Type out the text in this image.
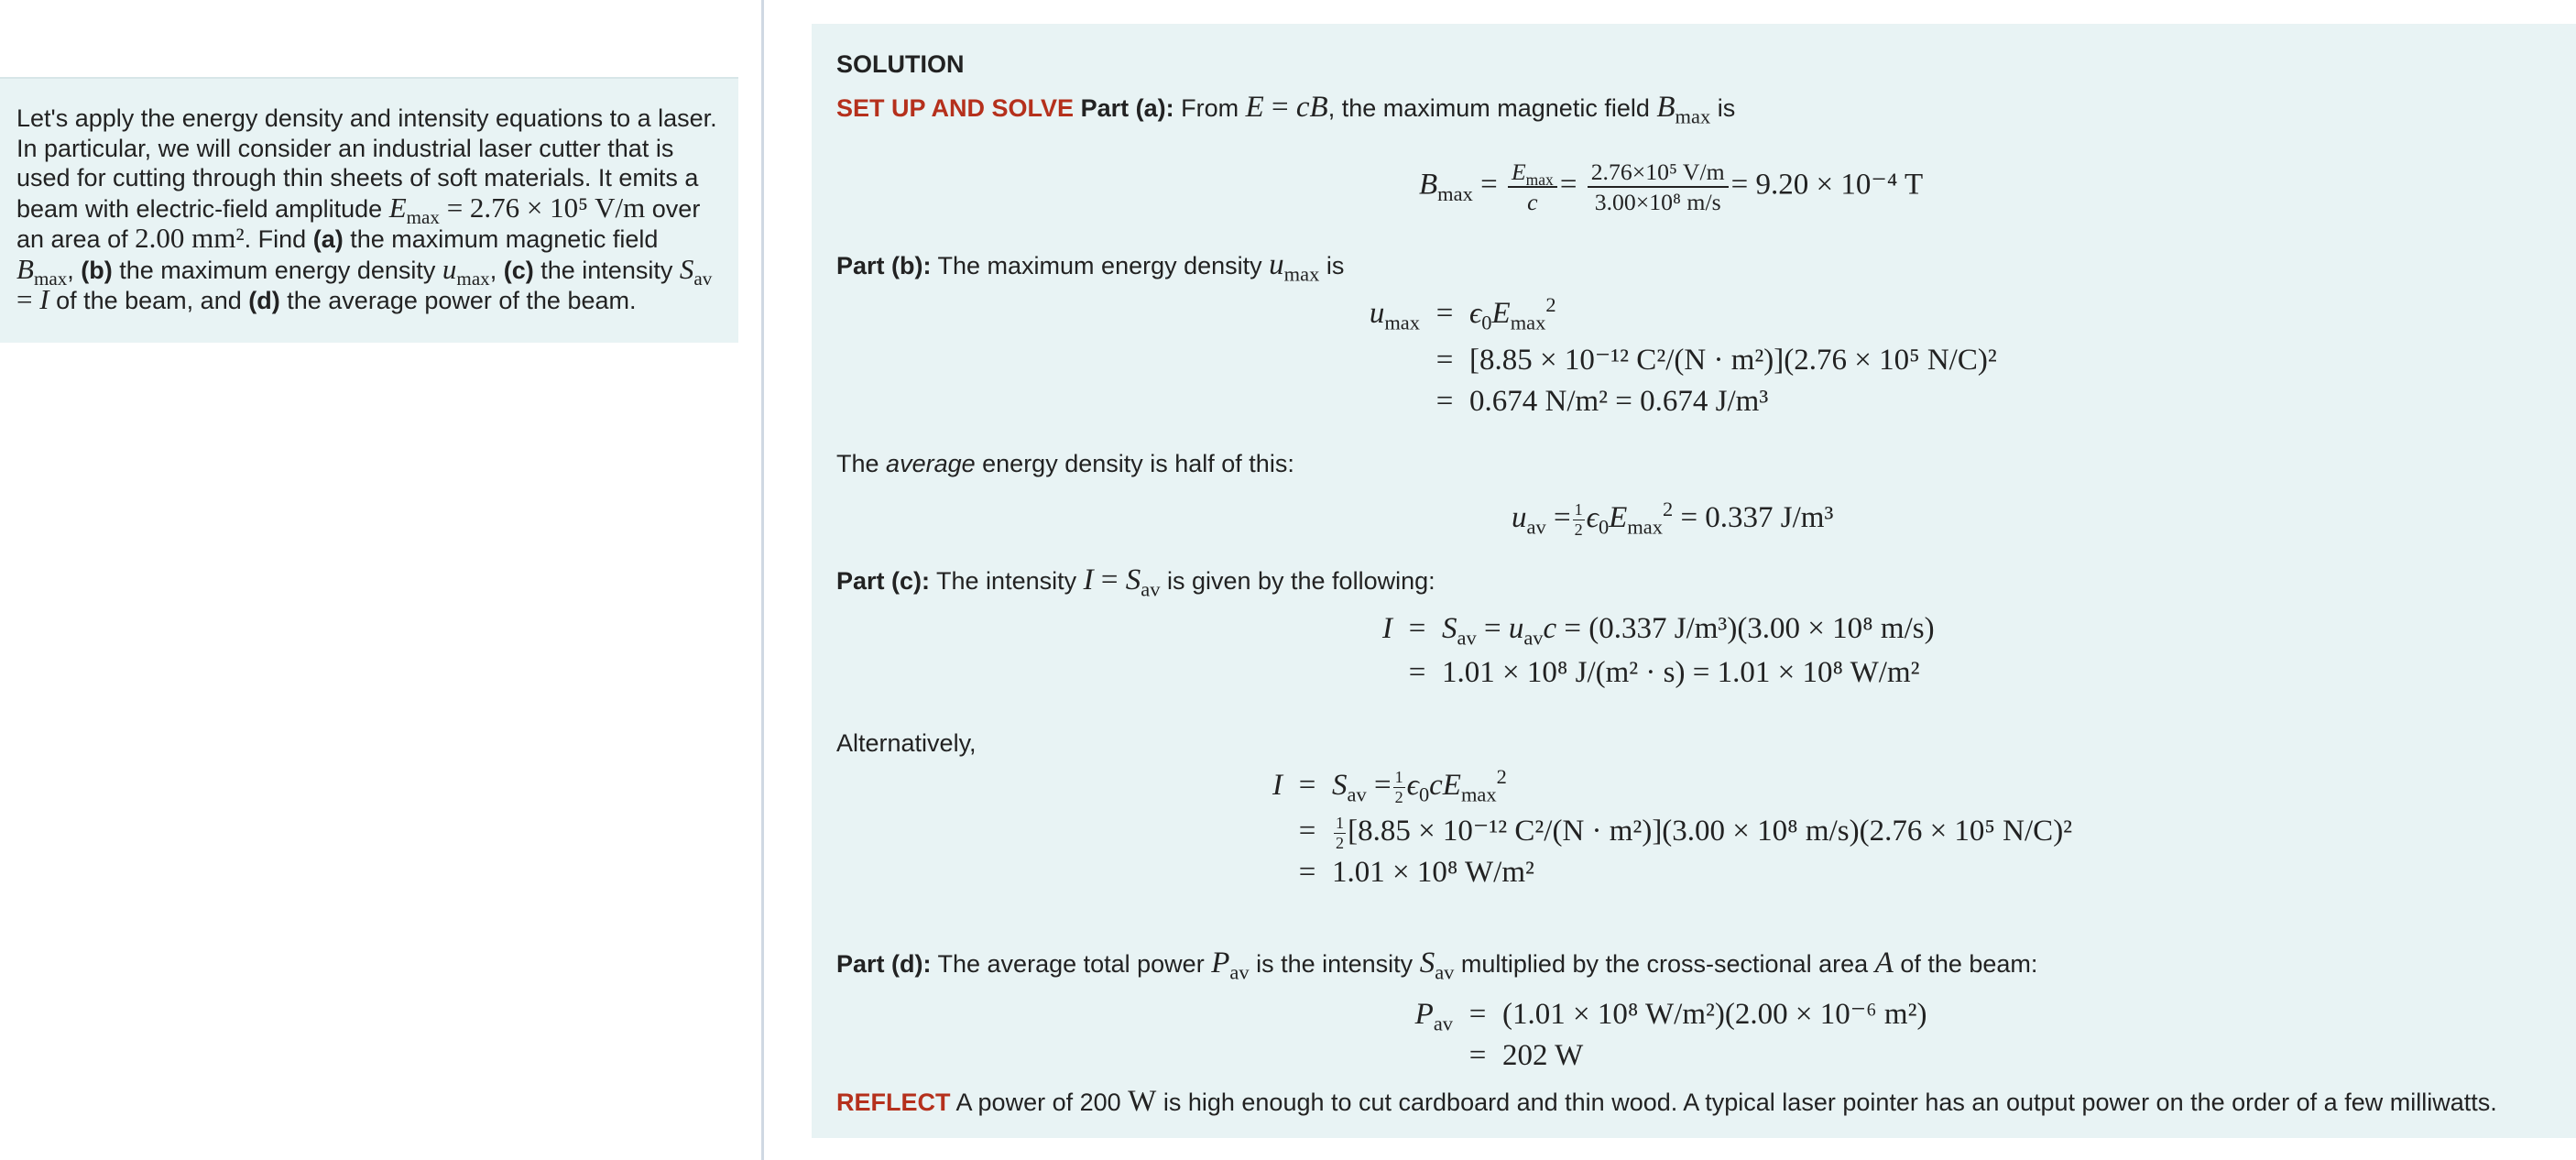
Let's apply the energy density and intensity equations to a laser. In particular, we will consider an industrial laser cutter that is used for cutting through thin sheets of soft materials. It emits a beam with electric-field amplitude $E_{max} = 2.76 \times 10^5$ V/m over an area of 2.00 mm². Find (a) the maximum magnetic field $B_{max}$, (b) the maximum energy density $u_{max}$, (c) the intensity $S_{av} = I$ of the beam, and (d) the average power of the beam.
SOLUTION
SET UP AND SOLVE Part (a): From E = cB, the maximum magnetic field $B_{max}$ is
$B_{max} = \frac{E_{max}}{c} = \frac{\text{2.76×10⁵ V/m}}{\text{3.00×10⁸ m/s}} = 9.20 \times 10^{-4}$ T
Part (b): The maximum energy density $u_{max}$ is
$u_{max} = \epsilon_0E_{max}^2$
= [8.85 × 10⁻¹² C²/(N · m²)](2.76 × 10⁵ N/C)²
= 0.674 N/m² = 0.674 J/m³
The average energy density is half of this:
$u_{av} = \frac{1}{2} \epsilon_0E_{max}^2 = 0.337$ J/m³
Part (c): The intensity $I = S_{av}$ is given by the following:
$I = S_{av} = u_{av}c = (0.337$ J/m³)(3.00 × 10⁸ m/s)
= 1.01 × 10⁸ J/(m² · s) = 1.01 × 10⁸ W/m²
Alternatively,
$I = S_{av} = \frac{1}{2} \epsilon_0cE_{max}^2$
=	$\frac{1}{2} [8.85 \times 10^{-12}$ C²/(N · m²)](3.00 × 10⁸ m/s)(2.76 × 10⁵ N/C)²
= 1.01 × 10⁸ W/m²
Part (d): The average total power $P_{av}$ is the intensity $S_{av}$ multiplied by the cross-sectional area A of the beam:
$P_{av} = (1.01 \times 10^8$ W/m²)(2.00 × 10⁻⁶ m²)
= 202 W
REFLECT A power of 200 W is high enough to cut cardboard and thin wood. A typical laser pointer has an output power on the order of a few milliwatts.
